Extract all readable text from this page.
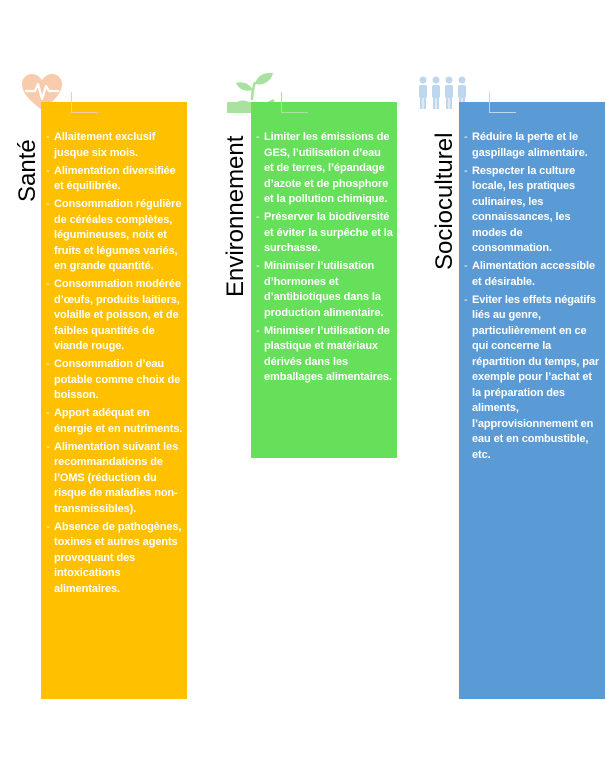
Santé	Environnement	Socioculturel
- Allaitement exclusif jusque six mois.
- Alimentation diversifiée et équilibrée.
- Consommation régulière de céréales complètes, légumineuses, noix et fruits et légumes variés, en grande quantité.
- Consommation modérée d’œufs, produits laitiers, volaille et poisson, et de faibles quantités de viande rouge.
- Consommation d’eau potable comme choix de boisson.
- Apport adéquat en énergie et en nutriments.
- Alimentation suivant les recommandations de l’OMS (réduction du risque de maladies non-transmissibles).
- Absence de pathogènes, toxines et autres agents provoquant des intoxications alimentaires.
- Limiter les émissions de GES, l’utilisation d’eau et de terres, l’épandage d’azote et de phosphore et la pollution chimique.
- Préserver la biodiversité et éviter la surpêche et la surchasse.
- Minimiser l’utilisation d’hormones et d’antibiotiques dans la production alimentaire.
- Minimiser l’utilisation de plastique et matériaux dérivés dans les emballages alimentaires.
- Réduire la perte et le gaspillage alimentaire.
- Respecter la culture locale, les pratiques culinaires, les connaissances, les modes de consommation.
- Alimentation accessible et désirable.
- Eviter les effets négatifs liés au genre, particulièrement en ce qui concerne la répartition du temps, par exemple pour l’achat et la préparation des aliments, l’approvisionnement en eau et en combustible, etc.
